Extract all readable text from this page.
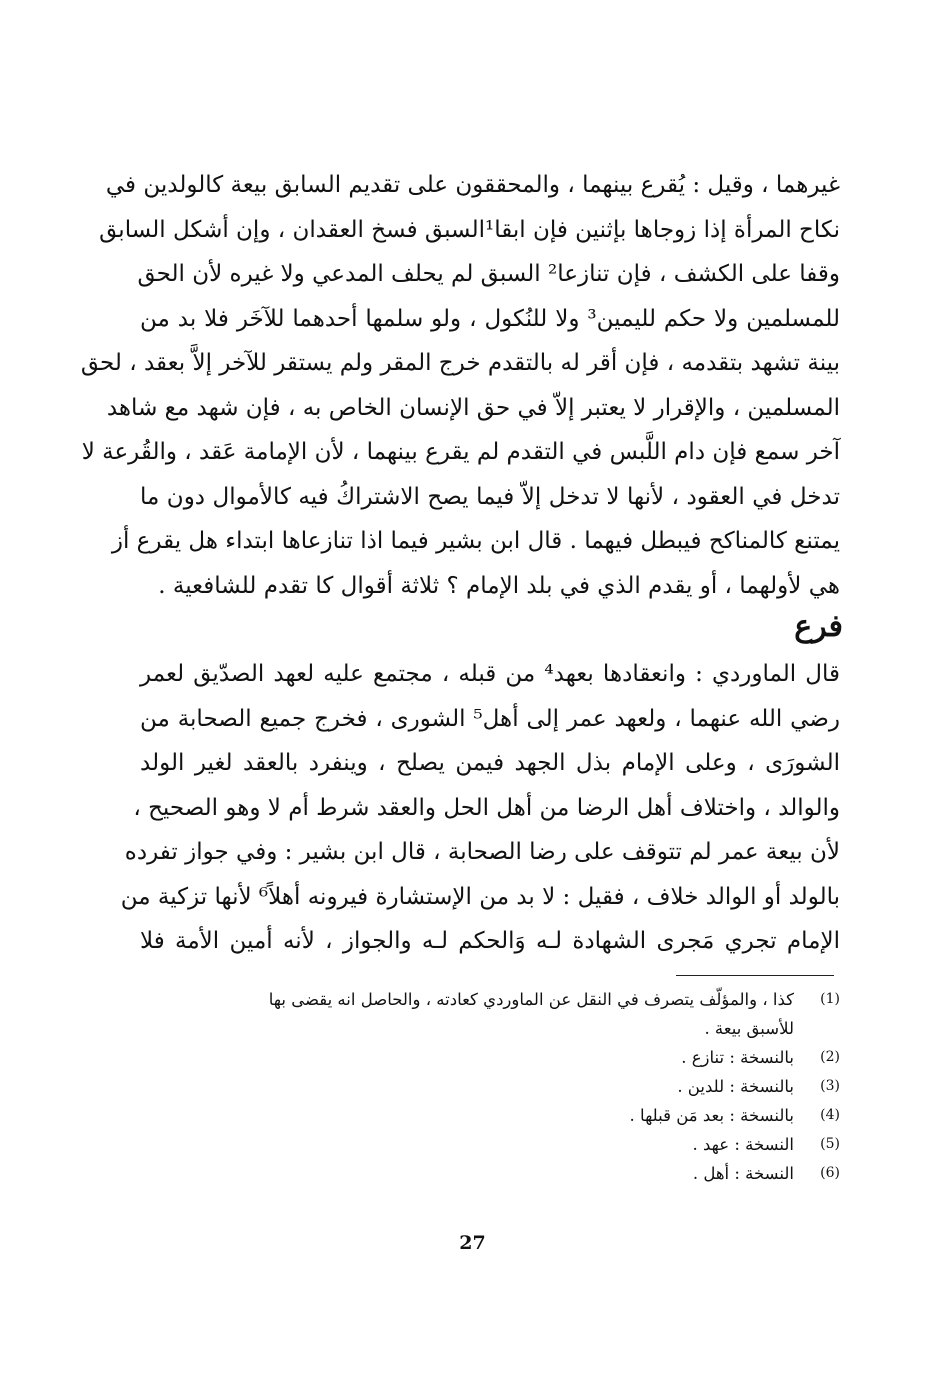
غيرهما ، وقيل : يُقرع بينهما ، والمحققون على تقديم السابق بيعة كالولدين في
نكاح المرأة إذا زوجاها بإثنين فإن ابقا¹السبق فسخ العقدان ، وإن أشكل السابق
وقفا على الكشف ، فإن تنازعا² السبق لم يحلف المدعي ولا غيره لأن الحق
للمسلمين ولا حكم لليمين³ ولا للنُكول ، ولو سلمها أحدهما للآخَر فلا بد من
بينة تشهد بتقدمه ، فإن أقر له بالتقدم خرج المقر ولم يستقر للآخر إلاَّ بعقد ، لحق
المسلمين ، والإقرار لا يعتبر إلاّ في حق الإنسان الخاص به ، فإن شهد مع شاهد
آخر سمع فإن دام اللَّبس في التقدم لم يقرع بينهما ، لأن الإمامة عَقد ، والقُرعة لا
تدخل في العقود ، لأنها لا تدخل إلاّ فيما يصح الاشتراكُ فيه كالأموال دون ما
يمتنع كالمناكح فيبطل فيهما . قال ابن بشير فيما اذا تنازعاها ابتداء هل يقرع أز
هي لأولهما ، أو يقدم الذي في بلد الإمام ؟ ثلاثة أقوال كا تقدم للشافعية .
فرع
قال الماوردي : وانعقادها بعهد⁴ من قبله ، مجتمع عليه لعهد الصدّيق لعمر
رضي الله عنهما ، ولعهد عمر إلى أهل⁵ الشورى ، فخرج جميع الصحابة من
الشورَى ، وعلى الإمام بذل الجهد فيمن يصلح ، وينفرد بالعقد لغير الولد
والوالد ، واختلاف أهل الرضا من أهل الحل والعقد شرط أم لا وهو الصحيح ،
لأن بيعة عمر لم تتوقف على رضا الصحابة ، قال ابن بشير : وفي جواز تفرده
بالولد أو الوالد خلاف ، فقيل : لا بد من الإستشارة فيرونه أهلاً⁶ لأنها تزكية من
الإمام تجري مَجرى الشهادة لـه وَالحكم لـه والجواز ، لأنه أمين الأمة فلا
(1)
كذا ، والمؤلّف يتصرف في النقل عن الماوردي كعادته ، والحاصل انه يقضى بها
للأسبق بيعة .
(2)
بالنسخة : تنازع .
(3)
بالنسخة : للدين .
(4)
بالنسخة : بعد مَن قبلها .
(5)
النسخة : عهد .
(6)
النسخة : أهل .
27
